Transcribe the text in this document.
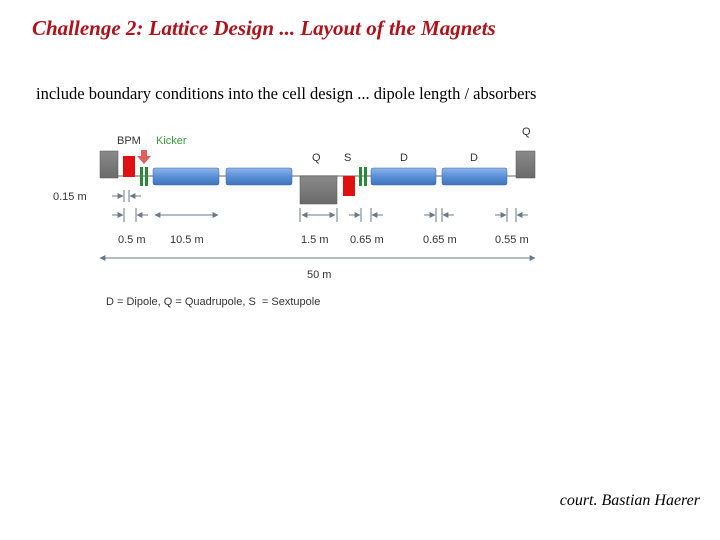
Challenge 2: Lattice Design ... Layout of the Magnets
include boundary conditions into the cell design ... dipole length / absorbers
BPM Kicker
Q S	D	D
Q
0.15 m
0.5 m 10.5 m	1.5 m 0.65 m	0.65 m	0.55 m
50 m
D = Dipole, Q = Quadrupole, S  = Sextupole
court. Bastian Haerer
